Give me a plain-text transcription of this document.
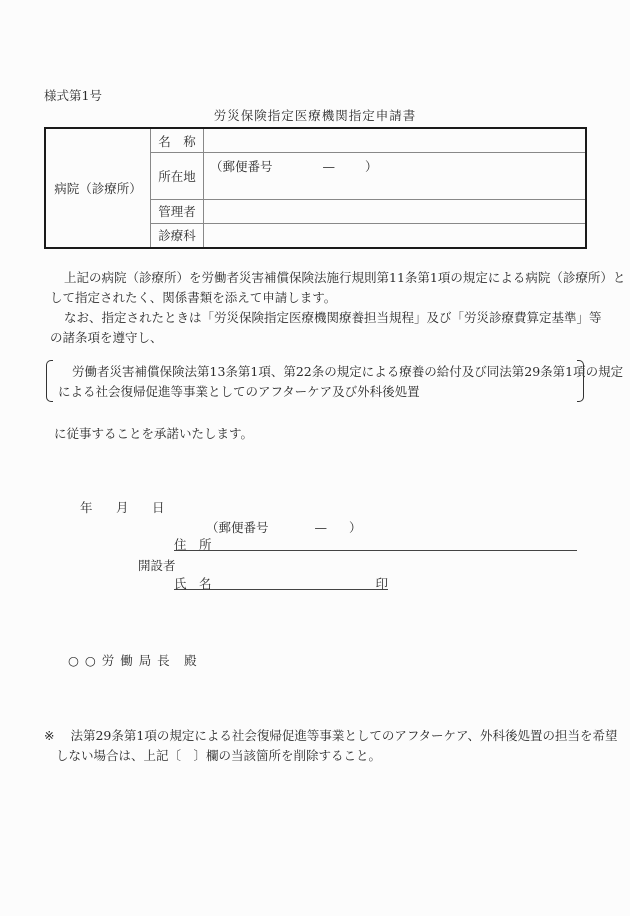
様式第1号
労災保険指定医療機関指定申請書
病院（診療所）	名　称	
	所在地	（郵便番号 — ）

	管理者	
	診療科	
上記の病院（診療所）を労働者災害補償保険法施行規則第11条第1項の規定による病院（診療所）と
して指定されたく、関係書類を添えて申請します。
なお、指定されたときは「労災保険指定医療機関療養担当規程」及び「労災診療費算定基準」等
の諸条項を遵守し、
労働者災害補償保険法第13条第1項、第22条の規定による療養の給付及び同法第29条第1項の規定
による社会復帰促進等事業としてのアフターケア及び外科後処置
に従事することを承諾いたします。
年 月 日
（郵便番号	— ）
住　所
開設者
氏　名	印
○ ○ 労 働 局 長　殿
※ 法第29条第1項の規定による社会復帰促進等事業としてのアフターケア、外科後処置の担当を希望
しない場合は、上記〔　〕欄の当該箇所を削除すること。
